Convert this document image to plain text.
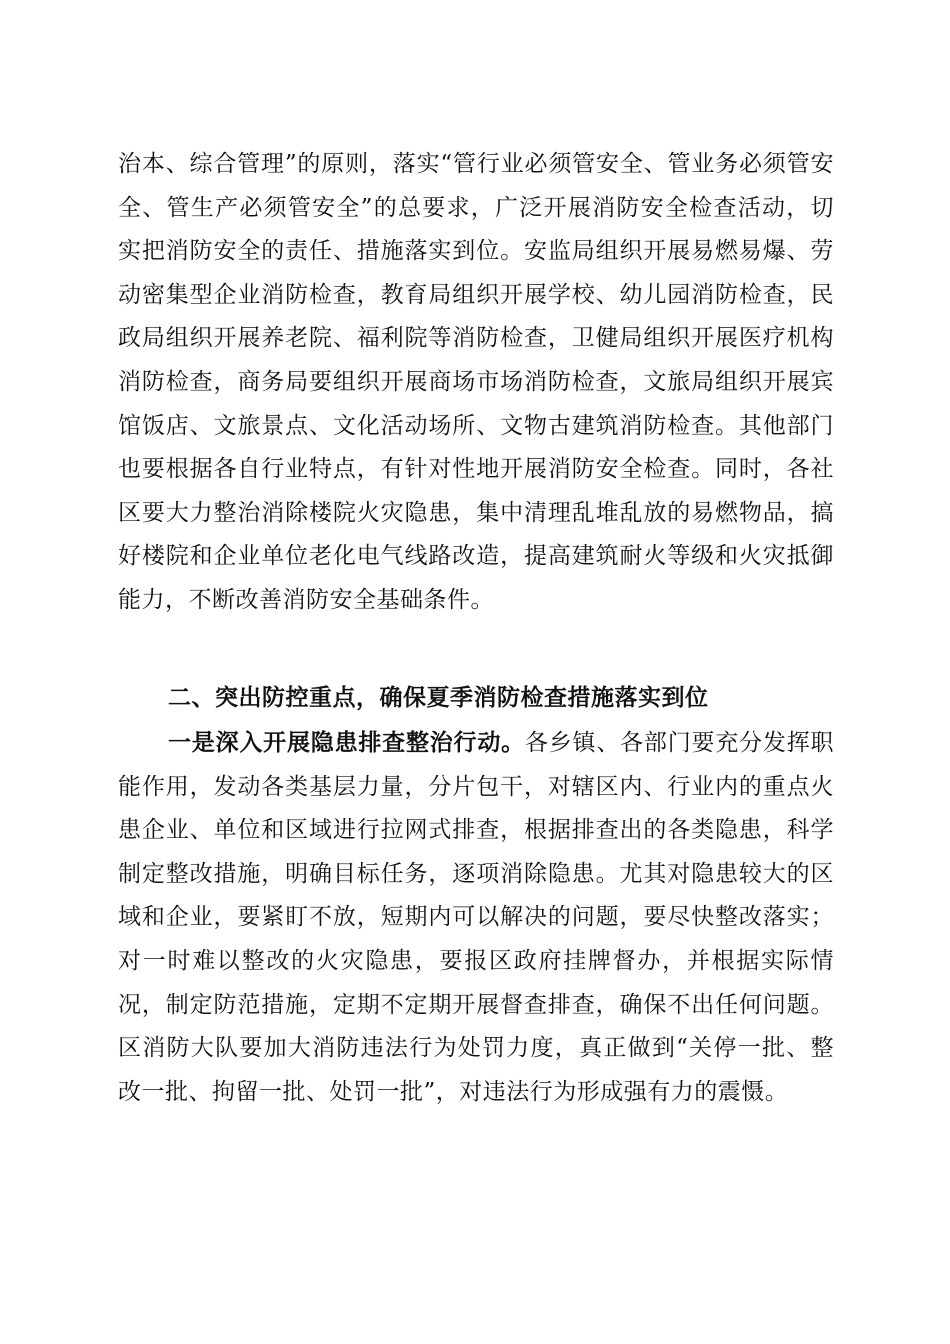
治本、综合管理”的原则，落实“管行业必须管安全、管业务必须管安全、管生产必须管安全”的总要求，广泛开展消防安全检查活动，切实把消防安全的责任、措施落实到位。安监局组织开展易燃易爆、劳动密集型企业消防检查，教育局组织开展学校、幼儿园消防检查，民政局组织开展养老院、福利院等消防检查，卫健局组织开展医疗机构消防检查，商务局要组织开展商场市场消防检查，文旅局组织开展宾馆饭店、文旅景点、文化活动场所、文物古建筑消防检查。其他部门也要根据各自行业特点，有针对性地开展消防安全检查。同时，各社区要大力整治消除楼院火灾隐患，集中清理乱堆乱放的易燃物品，搞好楼院和企业单位老化电气线路改造，提高建筑耐火等级和火灾抵御能力，不断改善消防安全基础条件。

二、突出防控重点，确保夏季消防检查措施落实到位

一是深入开展隐患排查整治行动。各乡镇、各部门要充分发挥职能作用，发动各类基层力量，分片包干，对辖区内、行业内的重点火患企业、单位和区域进行拉网式排查，根据排查出的各类隐患，科学制定整改措施，明确目标任务，逐项消除隐患。尤其对隐患较大的区域和企业，要紧盯不放，短期内可以解决的问题，要尽快整改落实；对一时难以整改的火灾隐患，要报区政府挂牌督办，并根据实际情况，制定防范措施，定期不定期开展督查排查，确保不出任何问题。区消防大队要加大消防违法行为处罚力度，真正做到“关停一批、整改一批、拘留一批、处罚一批”，对违法行为形成强有力的震慑。
